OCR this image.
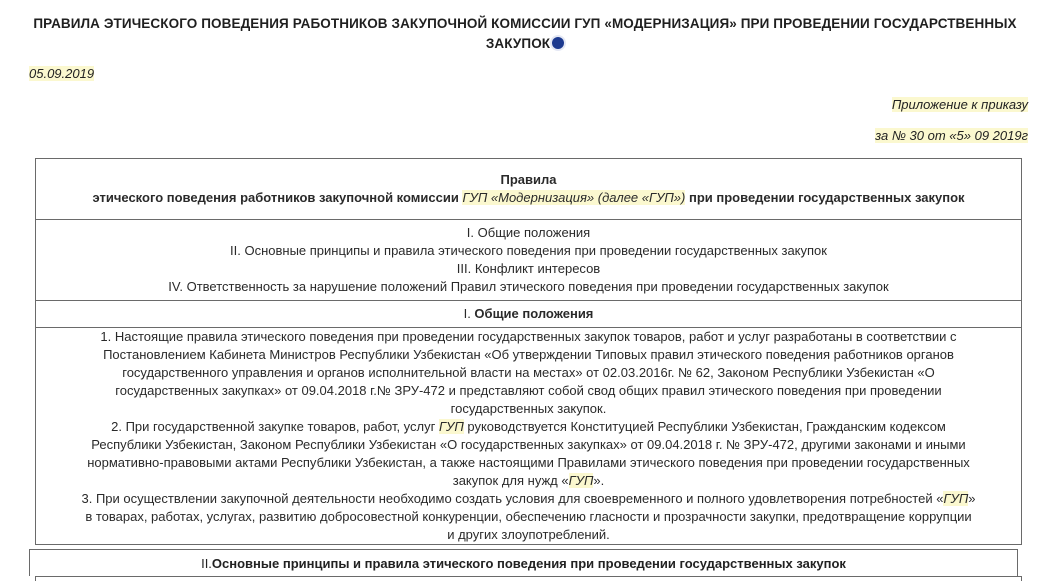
ПРАВИЛА ЭТИЧЕСКОГО ПОВЕДЕНИЯ РАБОТНИКОВ ЗАКУПОЧНОЙ КОМИССИИ ГУП «МОДЕРНИЗАЦИЯ» ПРИ ПРОВЕДЕНИИ ГОСУДАРСТВЕННЫХ ЗАКУПОК
05.09.2019
Приложение к приказу
за № 30 от «5» 09 2019г
Правила
этического поведения работников закупочной комиссии ГУП «Модернизация» (далее «ГУП») при проведении государственных закупок

I. Общие положения
II. Основные принципы и правила этического поведения при проведении государственных закупок
III. Конфликт интересов
IV. Ответственность за нарушение положений Правил этического поведения при проведении государственных закупок

I. Общие положения

1. Настоящие правила этического поведения при проведении государственных закупок товаров, работ и услуг разработаны в соответствии с Постановлением Кабинета Министров Республики Узбекистан «Об утверждении Типовых правил этического поведения работников органов государственного управления и органов исполнительной власти на местах» от 02.03.2016г. № 62, Законом Республики Узбекистан «О государственных закупках» от 09.04.2018 г.№ ЗРУ-472 и представляют собой свод общих правил этического поведения при проведении государственных закупок.
2. При государственной закупке товаров, работ, услуг ГУП руководствуется Конституцией Республики Узбекистан, Гражданским кодексом Республики Узбекистан, Законом Республики Узбекистан «О государственных закупках» от 09.04.2018 г. № ЗРУ-472, другими законами и иными нормативно-правовыми актами Республики Узбекистан, а также настоящими Правилами этического поведения при проведении государственных закупок для нужд «ГУП».
3. При осуществлении закупочной деятельности необходимо создать условия для своевременного и полного удовлетворения потребностей «ГУП» в товарах, работах, услугах, развитию добросовестной конкуренции, обеспечению гласности и прозрачности закупки, предотвращение коррупции и других злоупотреблений.
II.Основные принципы и правила этического поведения при проведении государственных закупок
